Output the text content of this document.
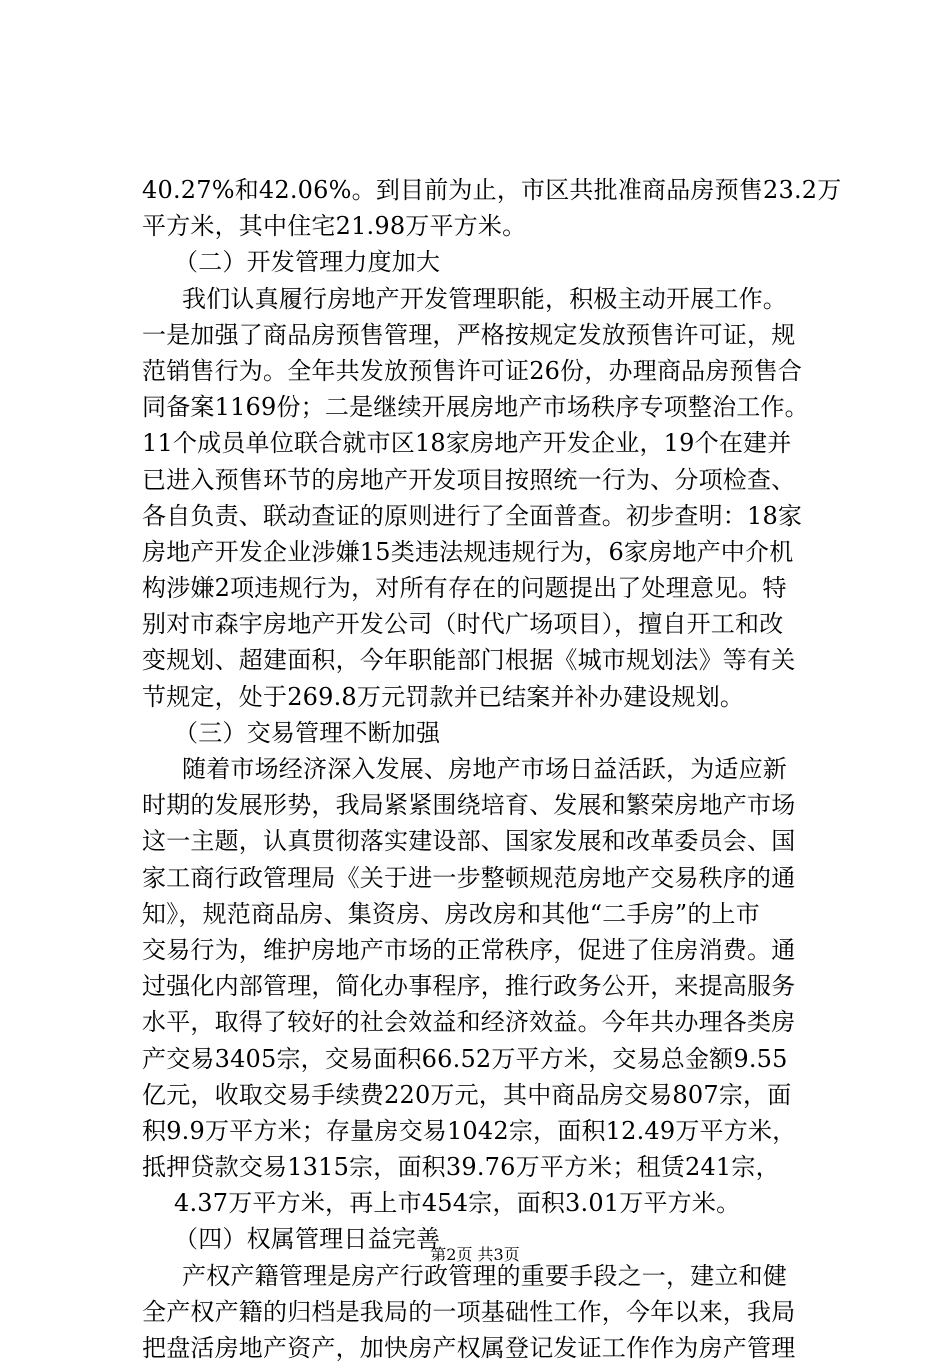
40.27%和42.06%。到目前为止，市区共批准商品房预售23.2万
平方米，其中住宅21.98万平方米。
（二）开发管理力度加大
我们认真履行房地产开发管理职能，积极主动开展工作。
一是加强了商品房预售管理，严格按规定发放预售许可证，规
范销售行为。全年共发放预售许可证26份，办理商品房预售合
同备案1169份；二是继续开展房地产市场秩序专项整治工作。
11个成员单位联合就市区18家房地产开发企业，19个在建并
已进入预售环节的房地产开发项目按照统一行为、分项检查、
各自负责、联动查证的原则进行了全面普查。初步查明：18家
房地产开发企业涉嫌15类违法规违规行为，6家房地产中介机
构涉嫌2项违规行为，对所有存在的问题提出了处理意见。特
别对市森宇房地产开发公司（时代广场项目），擅自开工和改
变规划、超建面积，今年职能部门根据《城市规划法》等有关
节规定，处于269.8万元罚款并已结案并补办建设规划。
（三）交易管理不断加强
随着市场经济深入发展、房地产市场日益活跃，为适应新
时期的发展形势，我局紧紧围绕培育、发展和繁荣房地产市场
这一主题，认真贯彻落实建设部、国家发展和改革委员会、国
家工商行政管理局《关于进一步整顿规范房地产交易秩序的通
知》，规范商品房、集资房、房改房和其他“二手房”的上市
交易行为，维护房地产市场的正常秩序，促进了住房消费。通
过强化内部管理，简化办事程序，推行政务公开，来提高服务
水平，取得了较好的社会效益和经济效益。今年共办理各类房
产交易3405宗，交易面积66.52万平方米，交易总金额9.55
亿元，收取交易手续费220万元，其中商品房交易807宗，面
积9.9万平方米；存量房交易1042宗，面积12.49万平方米，
抵押贷款交易1315宗，面积39.76万平方米；租赁241宗，
4.37万平方米，再上市454宗，面积3.01万平方米。
（四）权属管理日益完善
产权产籍管理是房产行政管理的重要手段之一，建立和健
全产权产籍的归档是我局的一项基础性工作，今年以来，我局
把盘活房地产资产，加快房产权属登记发证工作作为房产管理
第2页 共3页
